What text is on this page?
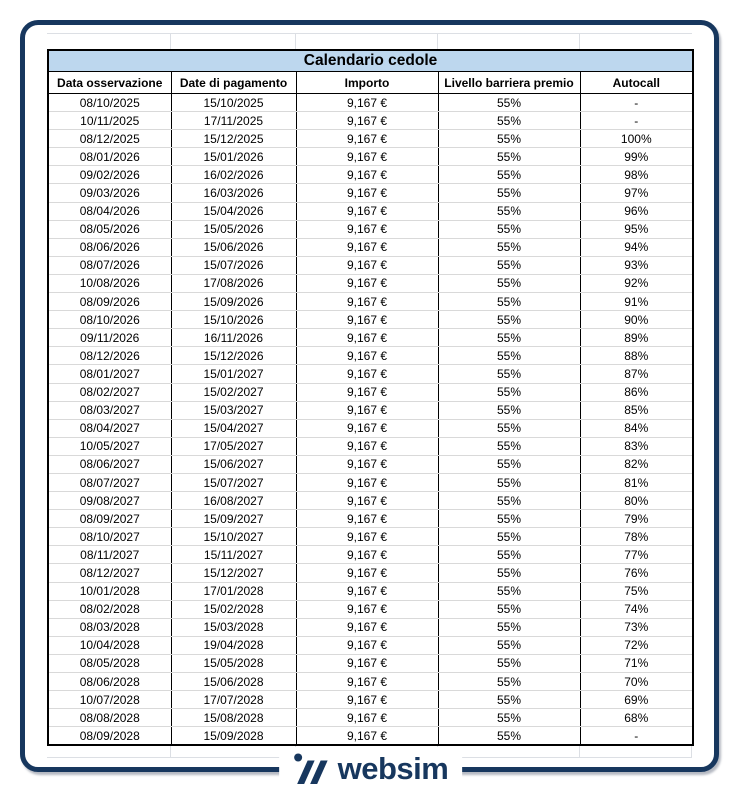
Calendario cedole				
Data osservazione	Date di pagamento	Importo	Livello barriera premio	Autocall
08/10/2025	15/10/2025	9,167 €	55%	-
10/11/2025	17/11/2025	9,167 €	55%	-
08/12/2025	15/12/2025	9,167 €	55%	100%
08/01/2026	15/01/2026	9,167 €	55%	99%
09/02/2026	16/02/2026	9,167 €	55%	98%
09/03/2026	16/03/2026	9,167 €	55%	97%
08/04/2026	15/04/2026	9,167 €	55%	96%
08/05/2026	15/05/2026	9,167 €	55%	95%
08/06/2026	15/06/2026	9,167 €	55%	94%
08/07/2026	15/07/2026	9,167 €	55%	93%
10/08/2026	17/08/2026	9,167 €	55%	92%
08/09/2026	15/09/2026	9,167 €	55%	91%
08/10/2026	15/10/2026	9,167 €	55%	90%
09/11/2026	16/11/2026	9,167 €	55%	89%
08/12/2026	15/12/2026	9,167 €	55%	88%
08/01/2027	15/01/2027	9,167 €	55%	87%
08/02/2027	15/02/2027	9,167 €	55%	86%
08/03/2027	15/03/2027	9,167 €	55%	85%
08/04/2027	15/04/2027	9,167 €	55%	84%
10/05/2027	17/05/2027	9,167 €	55%	83%
08/06/2027	15/06/2027	9,167 €	55%	82%
08/07/2027	15/07/2027	9,167 €	55%	81%
09/08/2027	16/08/2027	9,167 €	55%	80%
08/09/2027	15/09/2027	9,167 €	55%	79%
08/10/2027	15/10/2027	9,167 €	55%	78%
08/11/2027	15/11/2027	9,167 €	55%	77%
08/12/2027	15/12/2027	9,167 €	55%	76%
10/01/2028	17/01/2028	9,167 €	55%	75%
08/02/2028	15/02/2028	9,167 €	55%	74%
08/03/2028	15/03/2028	9,167 €	55%	73%
10/04/2028	19/04/2028	9,167 €	55%	72%
08/05/2028	15/05/2028	9,167 €	55%	71%
08/06/2028	15/06/2028	9,167 €	55%	70%
10/07/2028	17/07/2028	9,167 €	55%	69%
08/08/2028	15/08/2028	9,167 €	55%	68%
08/09/2028	15/09/2028	9,167 €	55%	-
websim
